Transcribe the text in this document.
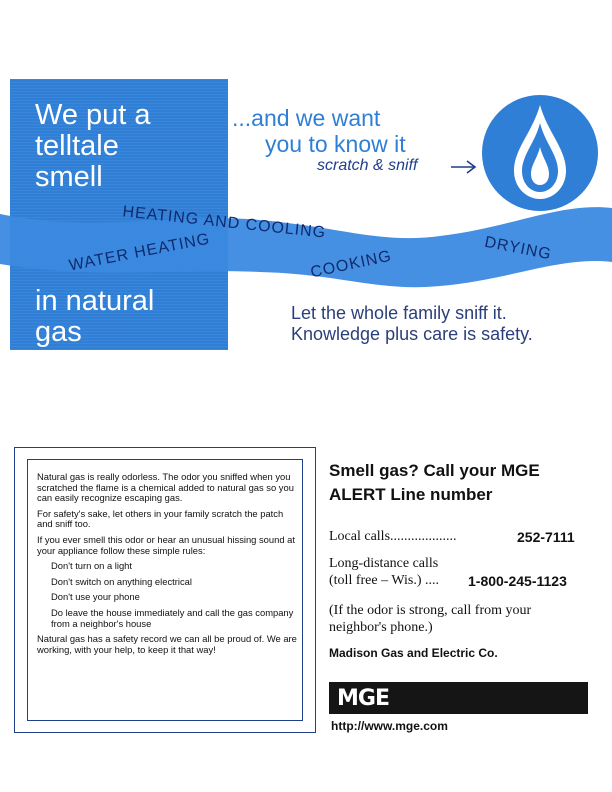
We put a
telltale
smell
HEATING AND COOLING
WATER HEATING	COOKING	DRYING
in natural
gas
...and we want
you to know it
scratch & sniff
Let the whole family sniff it.
Knowledge plus care is safety.

Natural gas is really odorless. The odor you sniffed when you scratched the flame is a chemical added to natural gas so you can easily recognize escaping gas.

For safety's sake, let others in your family scratch the patch and sniff too.

If you ever smell this odor or hear an unusual hissing sound at your appliance follow these simple rules:

Don't turn on a light

Don't switch on anything electrical

Don't use your phone

Do leave the house immediately and call the gas company from a neighbor's house

Natural gas has a safety record we can all be proud of. We are working, with your help, to keep it that way!

Smell gas? Call your MGE
ALERT Line number
Local calls...................	252-7111
Long-distance calls
(toll free – Wis.) .... 1-800-245-1123
(If the odor is strong, call from your
neighbor's phone.)
Madison Gas and Electric Co.
MGE
http://www.mge.com
